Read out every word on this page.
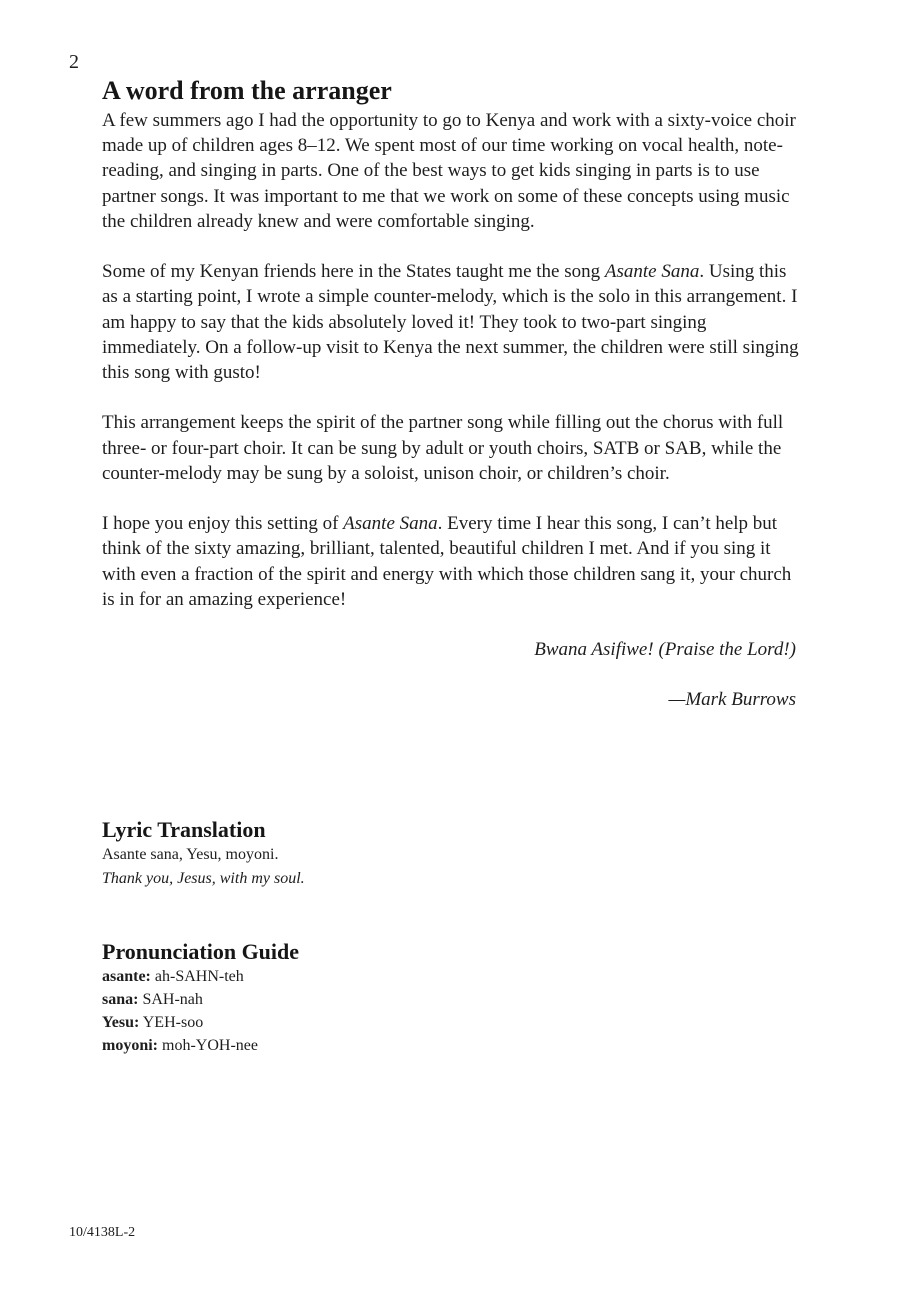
2
A word from the arranger

A few summers ago I had the opportunity to go to Kenya and work with a sixty-voice choir made up of children ages 8–12. We spent most of our time working on vocal health, note-reading, and singing in parts. One of the best ways to get kids singing in parts is to use partner songs. It was important to me that we work on some of these concepts using music the children already knew and were comfortable singing.

Some of my Kenyan friends here in the States taught me the song Asante Sana. Using this as a starting point, I wrote a simple counter-melody, which is the solo in this arrangement. I am happy to say that the kids absolutely loved it! They took to two-part singing immediately. On a follow-up visit to Kenya the next summer, the children were still singing this song with gusto!

This arrangement keeps the spirit of the partner song while filling out the chorus with full three- or four-part choir. It can be sung by adult or youth choirs, SATB or SAB, while the counter-melody may be sung by a soloist, unison choir, or children’s choir.

I hope you enjoy this setting of Asante Sana. Every time I hear this song, I can’t help but think of the sixty amazing, brilliant, talented, beautiful children I met. And if you sing it with even a fraction of the spirit and energy with which those children sang it, your church is in for an amazing experience!

Bwana Asifiwe! (Praise the Lord!)
—Mark Burrows
Lyric Translation
Asante sana, Yesu, moyoni.
Thank you, Jesus, with my soul.
Pronunciation Guide
asante: ah-SAHN-teh
sana: SAH-nah
Yesu: YEH-soo
moyoni: moh-YOH-nee
10/4138L-2
